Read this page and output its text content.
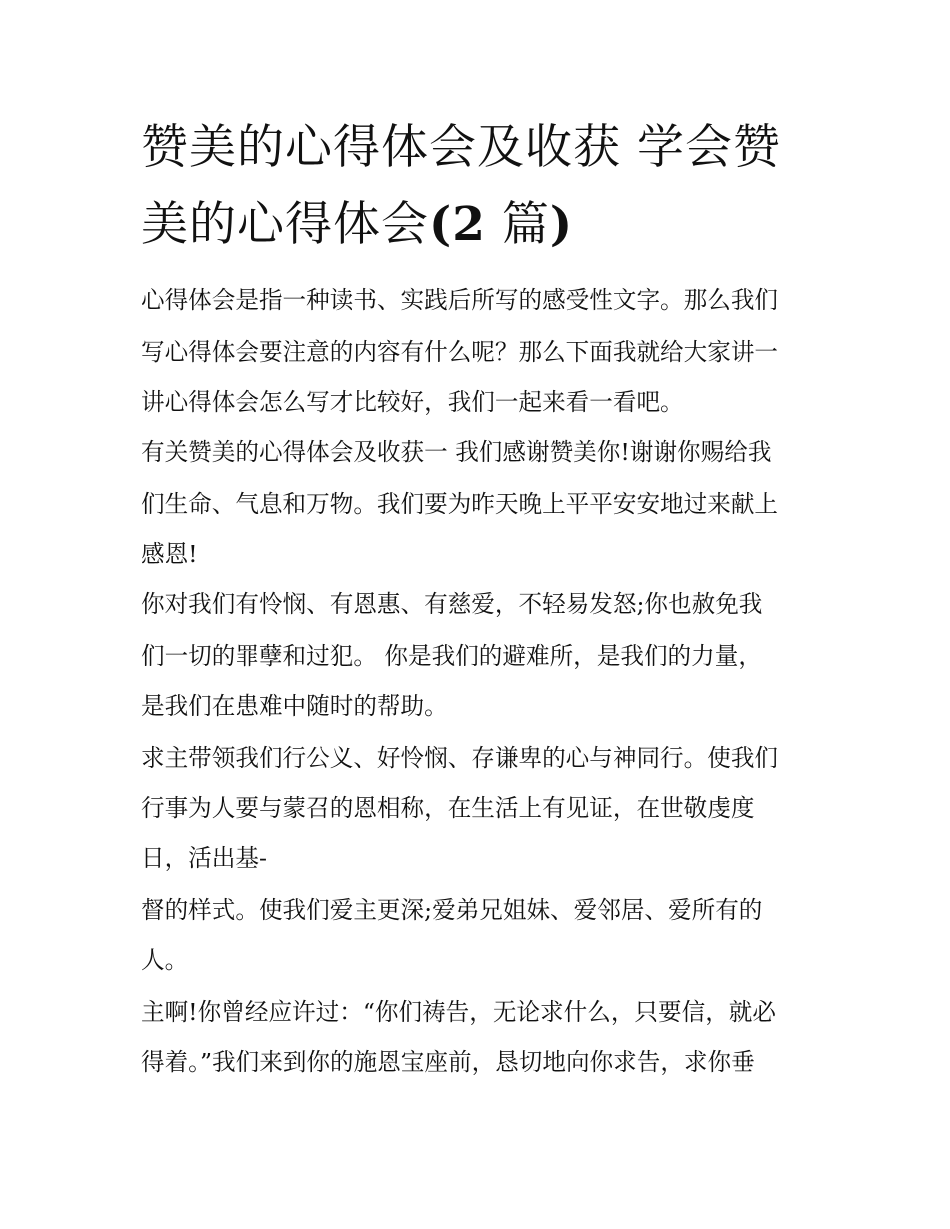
赞美的心得体会及收获 学会赞
美的心得体会(2 篇)
心得体会是指一种读书、实践后所写的感受性文字。那么我们
写心得体会要注意的内容有什么呢？那么下面我就给大家讲一
讲心得体会怎么写才比较好，我们一起来看一看吧。
有关赞美的心得体会及收获一 我们感谢赞美你!谢谢你赐给我
们生命、气息和万物。我们要为昨天晚上平平安安地过来献上
感恩!
你对我们有怜悯、有恩惠、有慈爱，不轻易发怒;你也赦免我
们一切的罪孽和过犯。 你是我们的避难所，是我们的力量，
是我们在患难中随时的帮助。
求主带领我们行公义、好怜悯、存谦卑的心与神同行。使我们
行事为人要与蒙召的恩相称，在生活上有见证，在世敬虔度
日，活出基-
督的样式。使我们爱主更深;爱弟兄姐妹、爱邻居、爱所有的
人。
主啊!你曾经应许过：“你们祷告，无论求什么，只要信，就必
得着。”我们来到你的施恩宝座前，恳切地向你求告，求你垂
